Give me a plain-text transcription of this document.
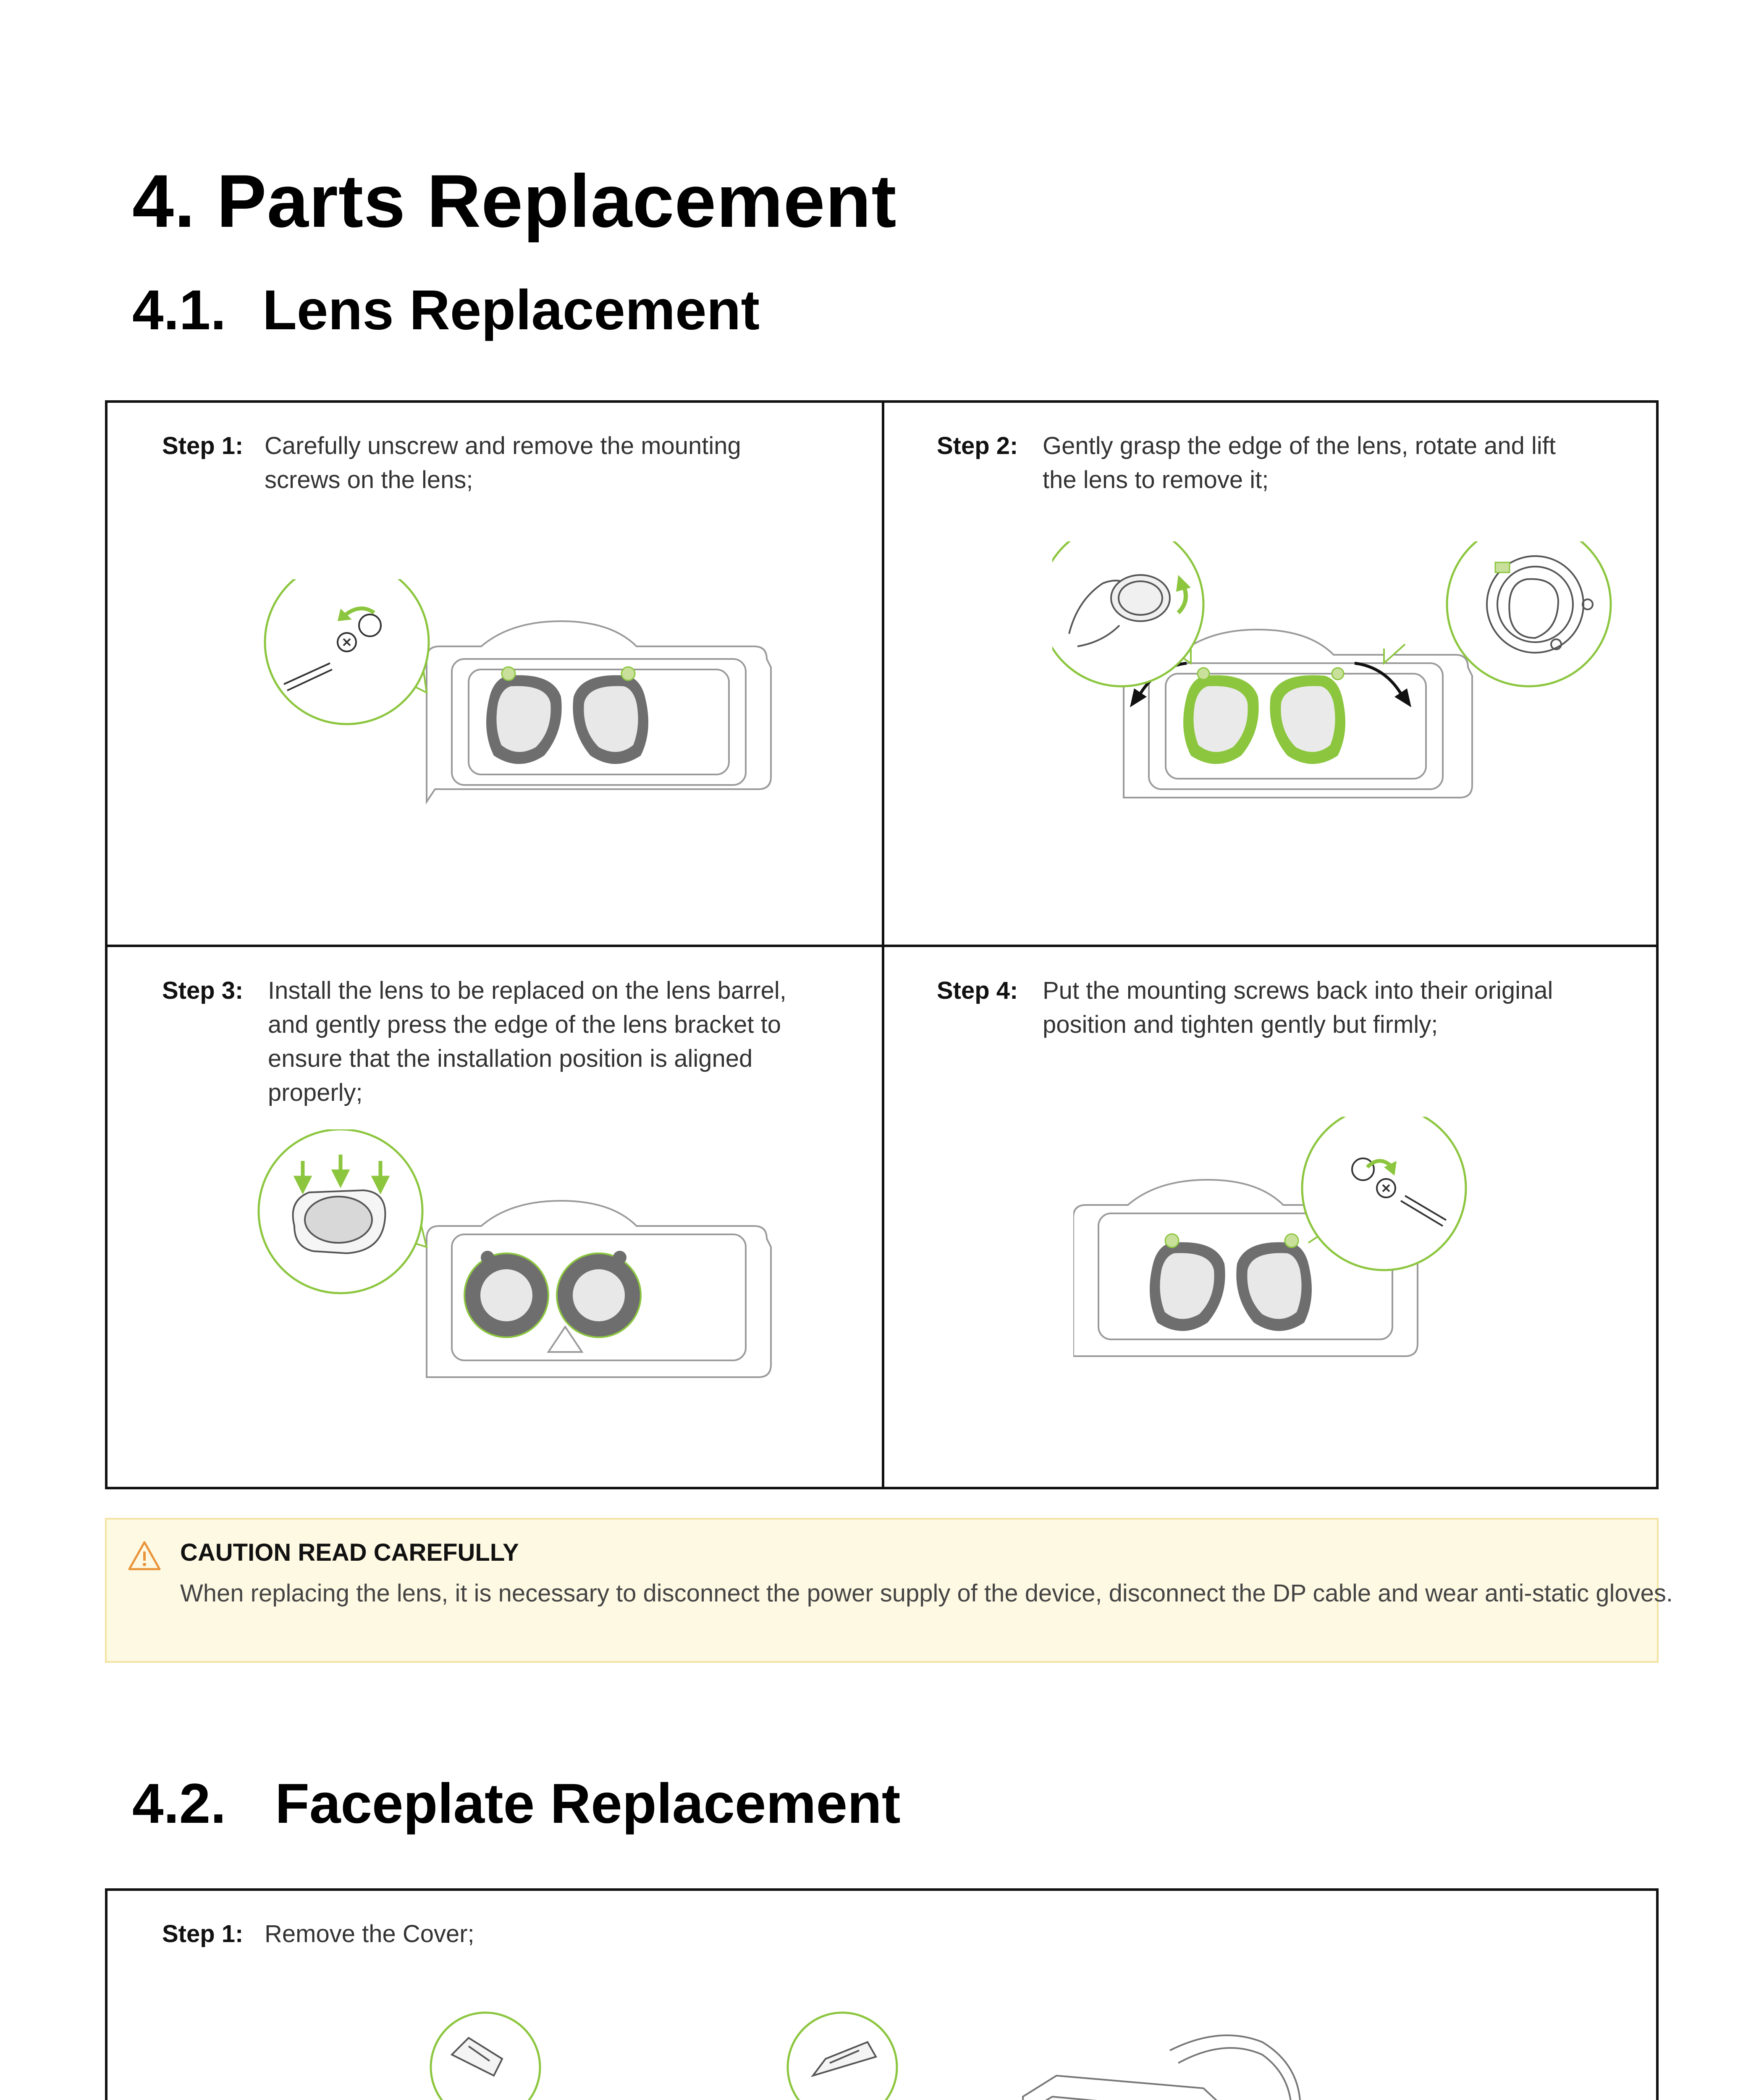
4. Parts Replacement
4.1. Lens Replacement
Step 1: Carefully unscrew and remove the mounting screws on the lens;
Step 2: Gently grasp the edge of the lens, rotate and lift the lens to remove it;
Step 3: Install the lens to be replaced on the lens barrel, and gently press the edge of the lens bracket to ensure that the installation position is aligned properly;
Step 4: Put the mounting screws back into their original position and tighten gently but firmly;
CAUTION READ CAREFULLY
When replacing the lens, it is necessary to disconnect the power supply of the device, disconnect the DP cable and wear anti-static gloves.
4.2. Faceplate Replacement
Step 1: Remove the Cover;
